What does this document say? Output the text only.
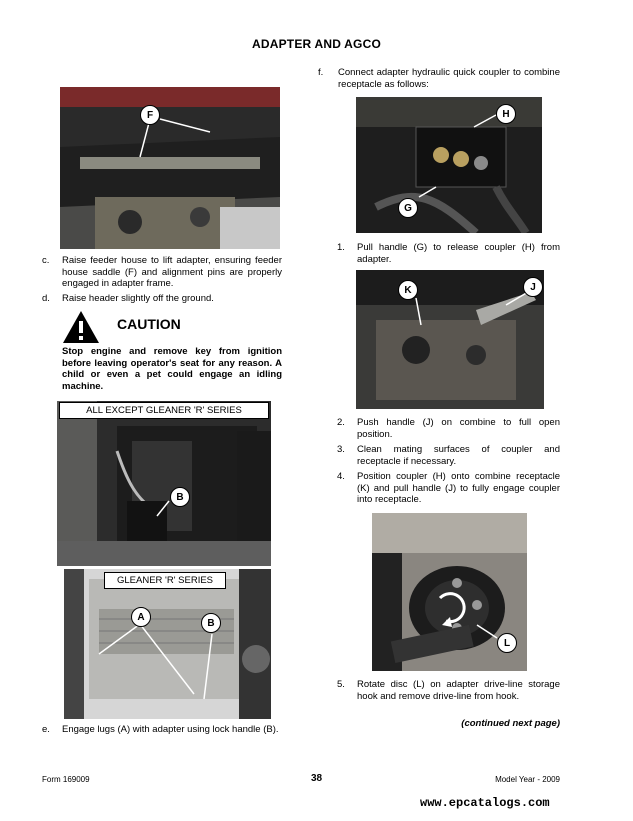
ADAPTER AND AGCO
F
c. Raise feeder house to lift adapter, ensuring feeder house saddle (F) and alignment pins are properly engaged in adapter frame.
d. Raise header slightly off the ground.
CAUTION
Stop engine and remove key from ignition before leaving operator's seat for any reason. A child or even a pet could engage an idling machine.
ALL EXCEPT GLEANER 'R' SERIES
B
GLEANER 'R' SERIES
A
B
e. Engage lugs (A) with adapter using lock handle (B).
f. Connect adapter hydraulic quick coupler to combine receptacle as follows:
H
G
1. Pull handle (G) to release coupler (H) from adapter.
K	J
2. Push handle (J) on combine to full open position.
3. Clean mating surfaces of coupler and receptacle if necessary.
4. Position coupler (H) onto combine receptacle (K) and pull handle (J) to fully engage coupler into receptacle.
L
5. Rotate disc (L) on adapter drive-line storage hook and remove drive-line from hook.
(continued next page)
Form 169009	38	Model Year - 2009
www.epcatalogs.com
